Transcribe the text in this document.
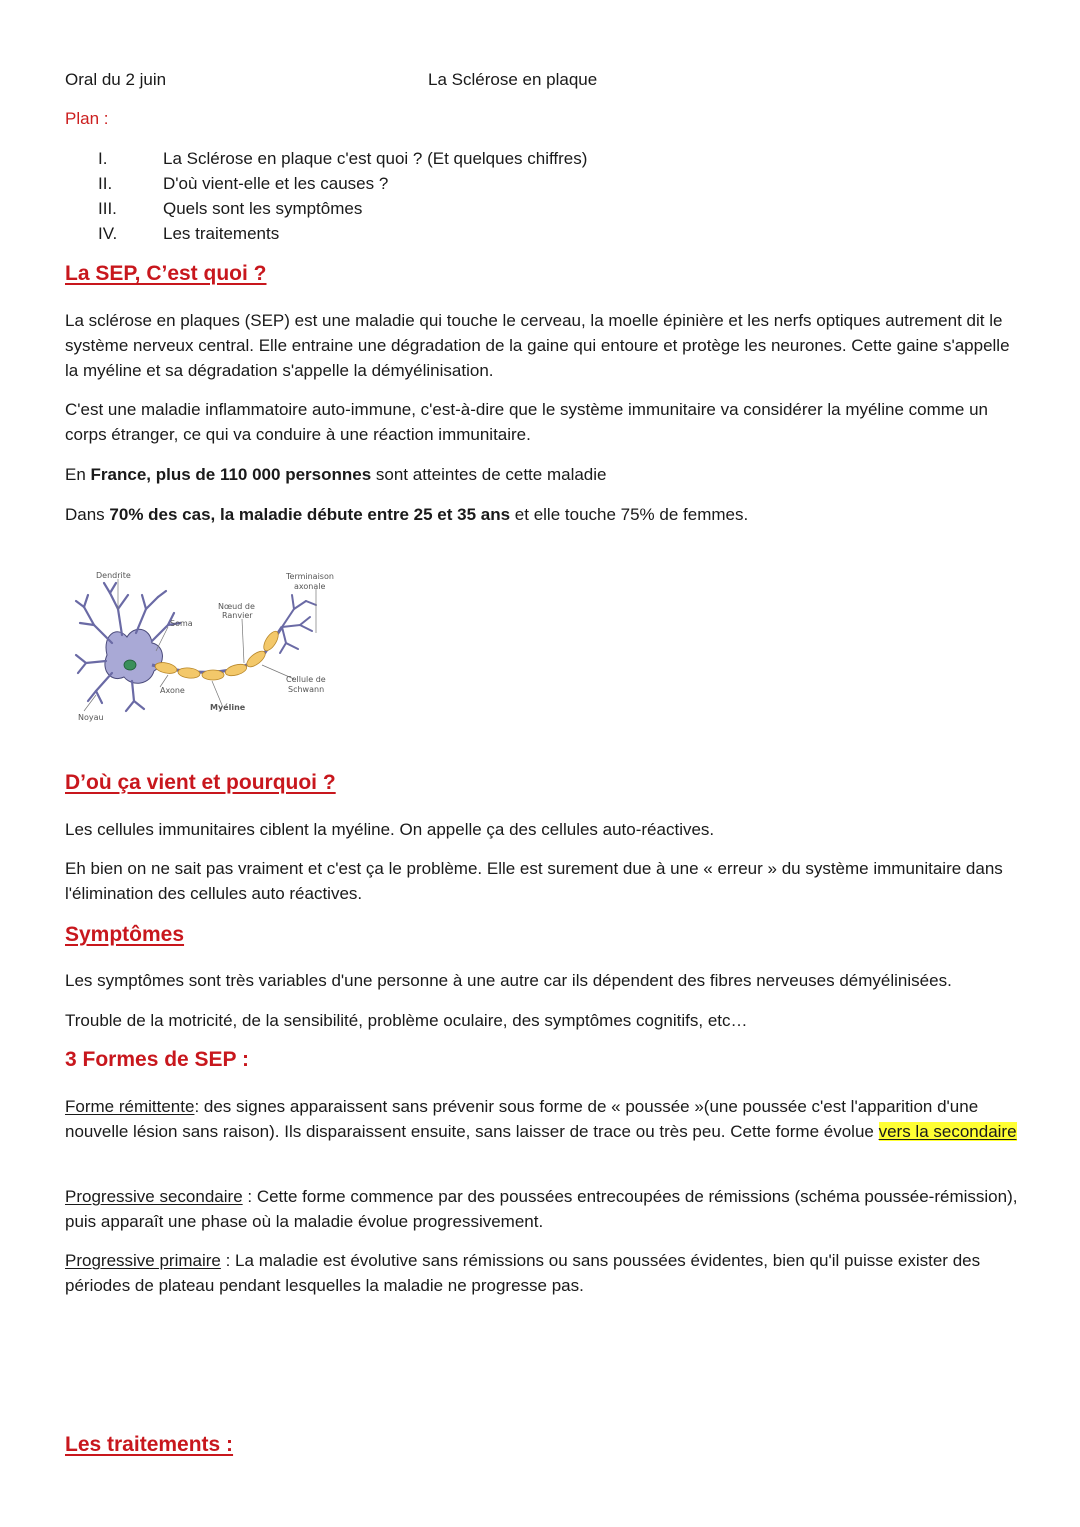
Oral du 2 juin	La Sclérose en plaque
Plan :
I.	La Sclérose en plaque c'est quoi ? (Et quelques chiffres)
II.	D'où vient-elle et les causes ?
III.	Quels sont les symptômes
IV.	Les traitements
La SEP, C’est quoi ?
La sclérose en plaques (SEP) est une maladie qui touche le cerveau, la moelle épinière et les nerfs optiques autrement dit le système nerveux central. Elle entraine une dégradation de la gaine qui entoure et protège les neurones. Cette gaine s'appelle la myéline et sa dégradation s'appelle la démyélinisation.
C'est une maladie inflammatoire auto-immune, c'est-à-dire que le système immunitaire va considérer la myéline comme un corps étranger, ce qui va conduire à une réaction immunitaire.
En France, plus de 110 000 personnes sont atteintes de cette maladie
Dans 70% des cas, la maladie débute entre 25 et 35 ans et elle touche 75% de femmes.
Dendrite
Soma
Nœud de
Ranvier
Terminaison
axonale
Cellule de
Schwann
Axone
Myéline
Noyau
D’où ça vient et pourquoi ?
Les cellules immunitaires ciblent la myéline. On appelle ça des cellules auto-réactives.
Eh bien on ne sait pas vraiment et c'est ça le problème. Elle est surement due à une « erreur » du système immunitaire dans l'élimination des cellules auto réactives.
Symptômes
Les symptômes sont très variables d'une personne à une autre car ils dépendent des fibres nerveuses démyélinisées.
Trouble de la motricité, de la sensibilité, problème oculaire, des symptômes cognitifs, etc…
3 Formes de SEP :
Forme rémittente: des signes apparaissent sans prévenir sous forme de « poussée »(une poussée c'est l'apparition d'une nouvelle lésion sans raison). Ils disparaissent ensuite, sans laisser de trace ou très peu. Cette forme évolue vers la secondaire
Progressive secondaire : Cette forme commence par des poussées entrecoupées de rémissions (schéma poussée-rémission), puis apparaît une phase où la maladie évolue progressivement.
Progressive primaire : La maladie est évolutive sans rémissions ou sans poussées évidentes, bien qu'il puisse exister des périodes de plateau pendant lesquelles la maladie ne progresse pas.
Les traitements :
